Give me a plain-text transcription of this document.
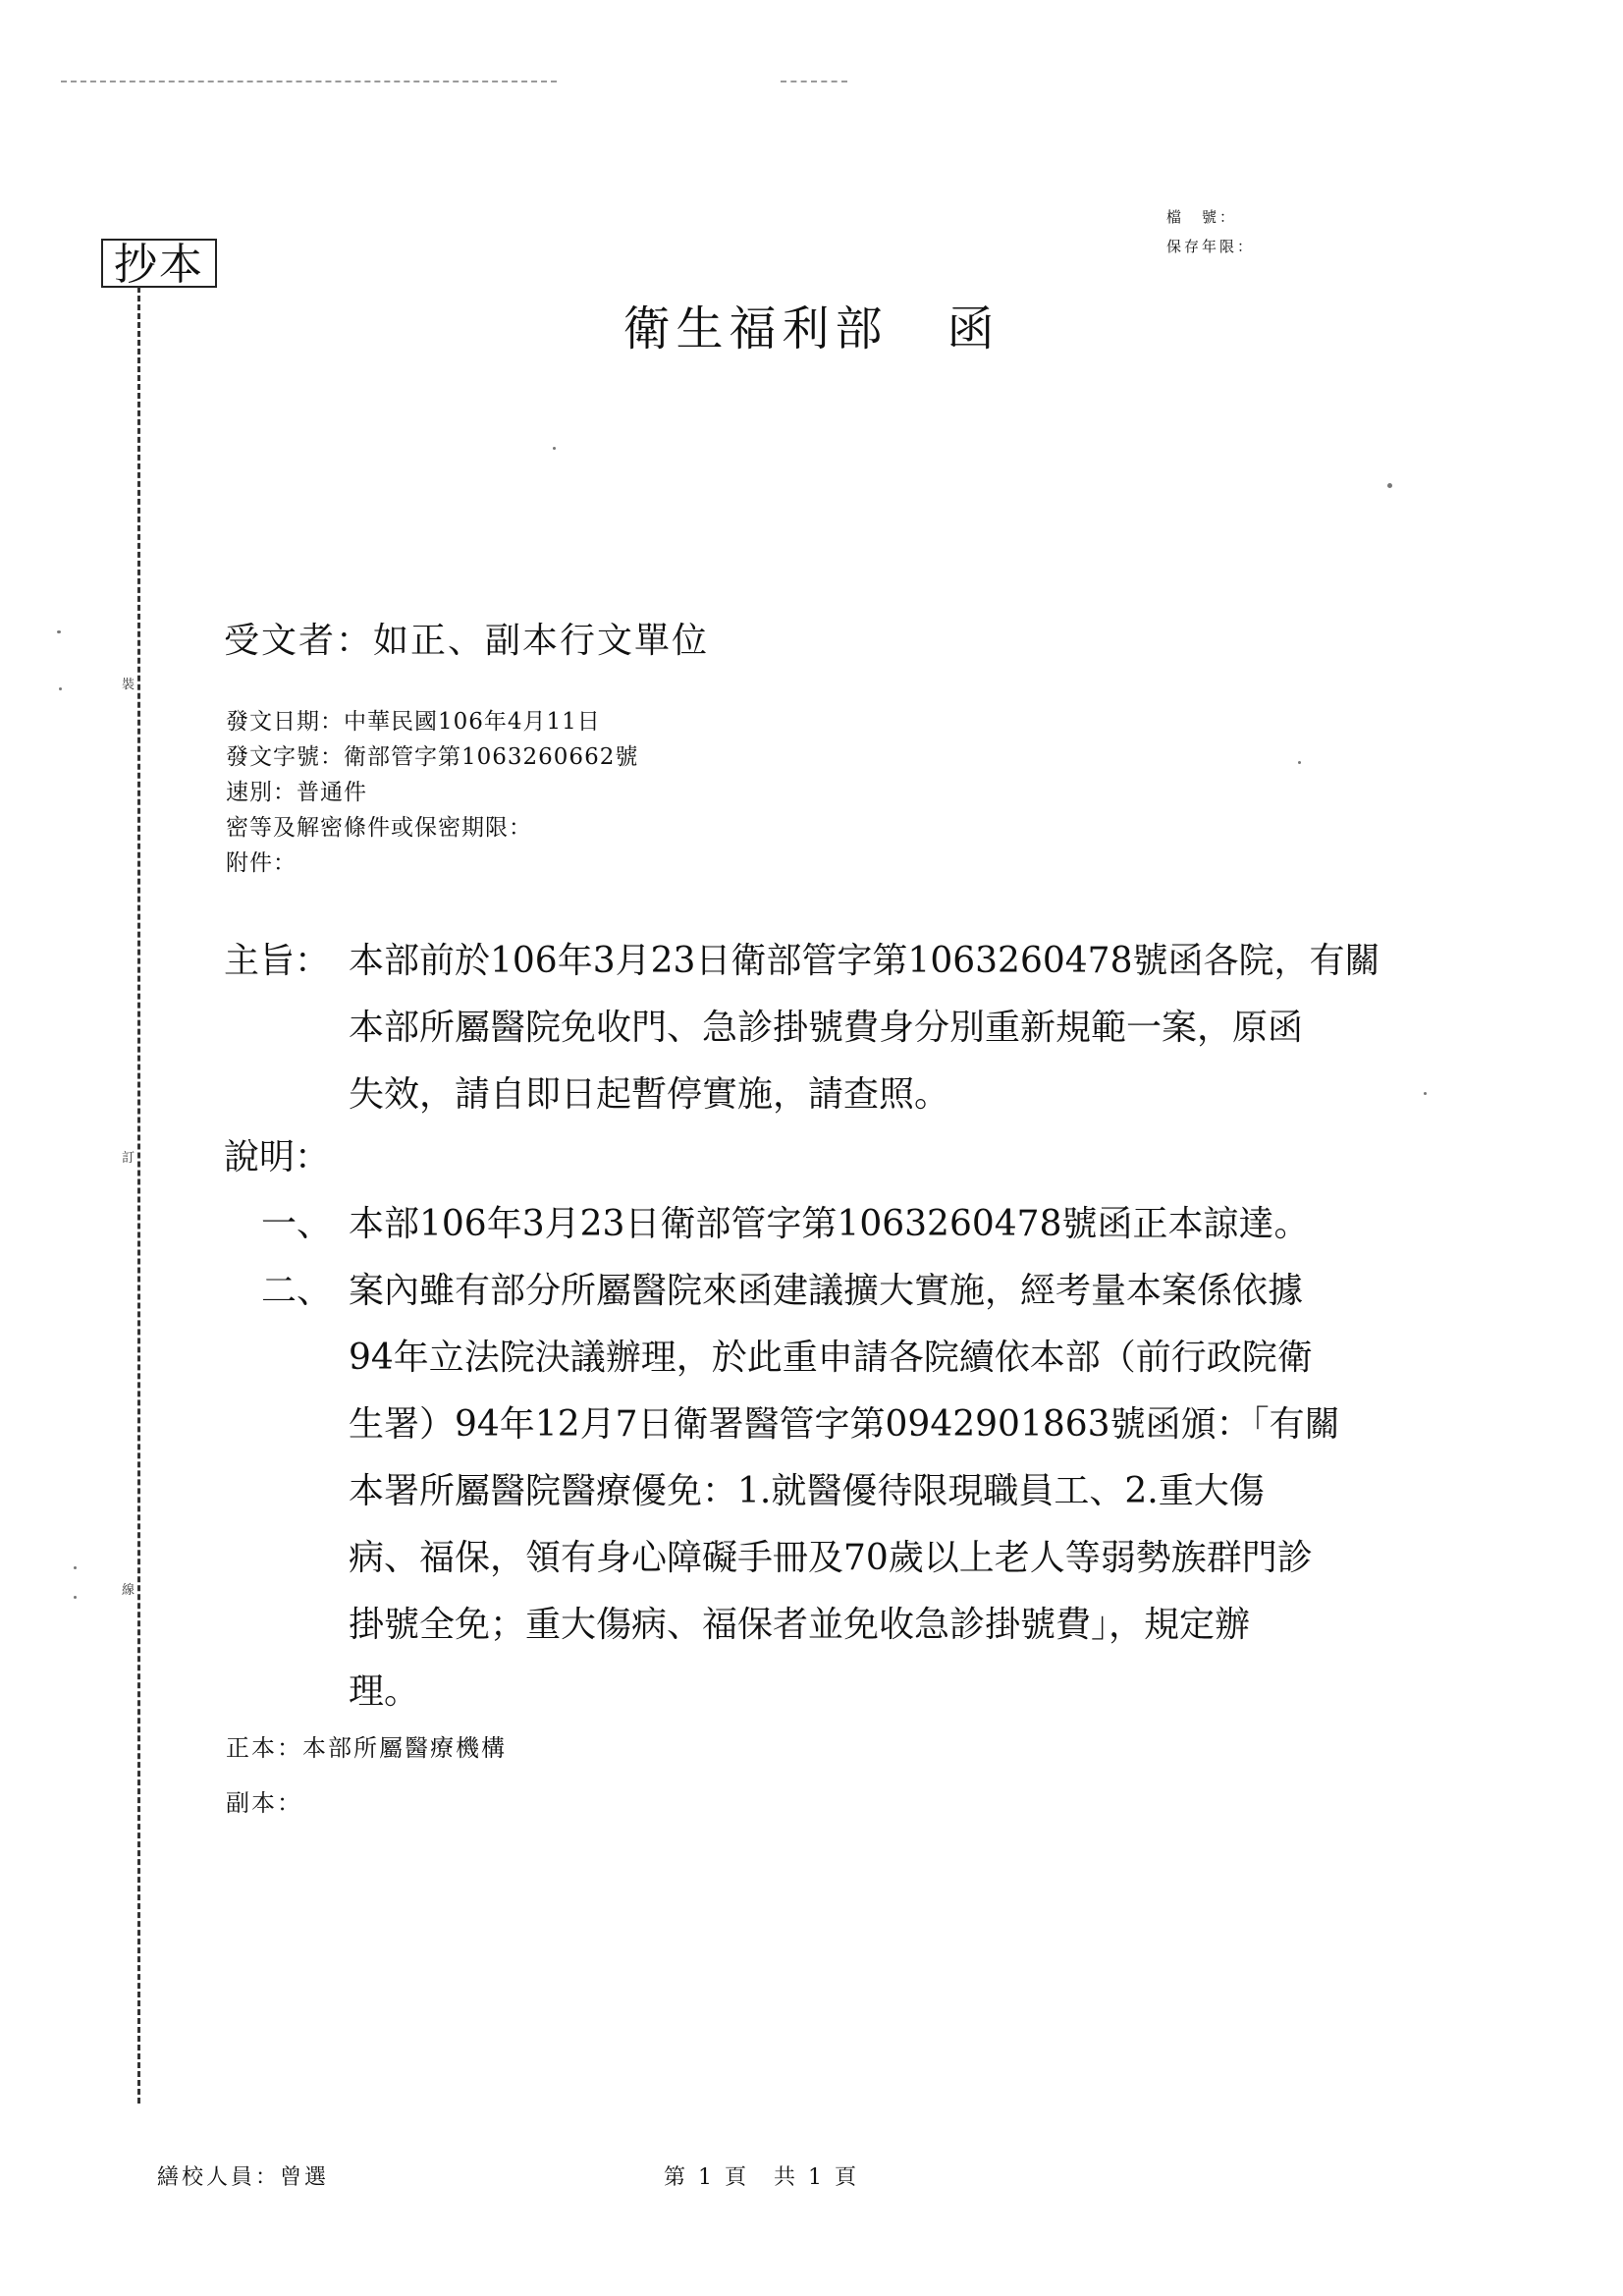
抄本
裝
訂
線
檔　號：
保存年限：
衛生福利部 函
受文者：如正、副本行文單位
發文日期：中華民國106年4月11日
發文字號：衛部管字第1063260662號
速別：普通件
密等及解密條件或保密期限：
附件：
主旨： 本部前於106年3月23日衛部管字第1063260478號函各院，有關
本部所屬醫院免收門、急診掛號費身分別重新規範一案，原函
失效，請自即日起暫停實施，請查照。
說明：
一、 本部106年3月23日衛部管字第1063260478號函正本諒達。
二、 案內雖有部分所屬醫院來函建議擴大實施，經考量本案係依據
94年立法院決議辦理，於此重申請各院續依本部（前行政院衛
生署）94年12月7日衛署醫管字第0942901863號函頒：「有關
本署所屬醫院醫療優免：1.就醫優待限現職員工、2.重大傷
病、福保，領有身心障礙手冊及70歲以上老人等弱勢族群門診
掛號全免；重大傷病、福保者並免收急診掛號費」，規定辦
理。
正本：本部所屬醫療機構
副本：
繕校人員：曾選	第 1 頁　共 1 頁
